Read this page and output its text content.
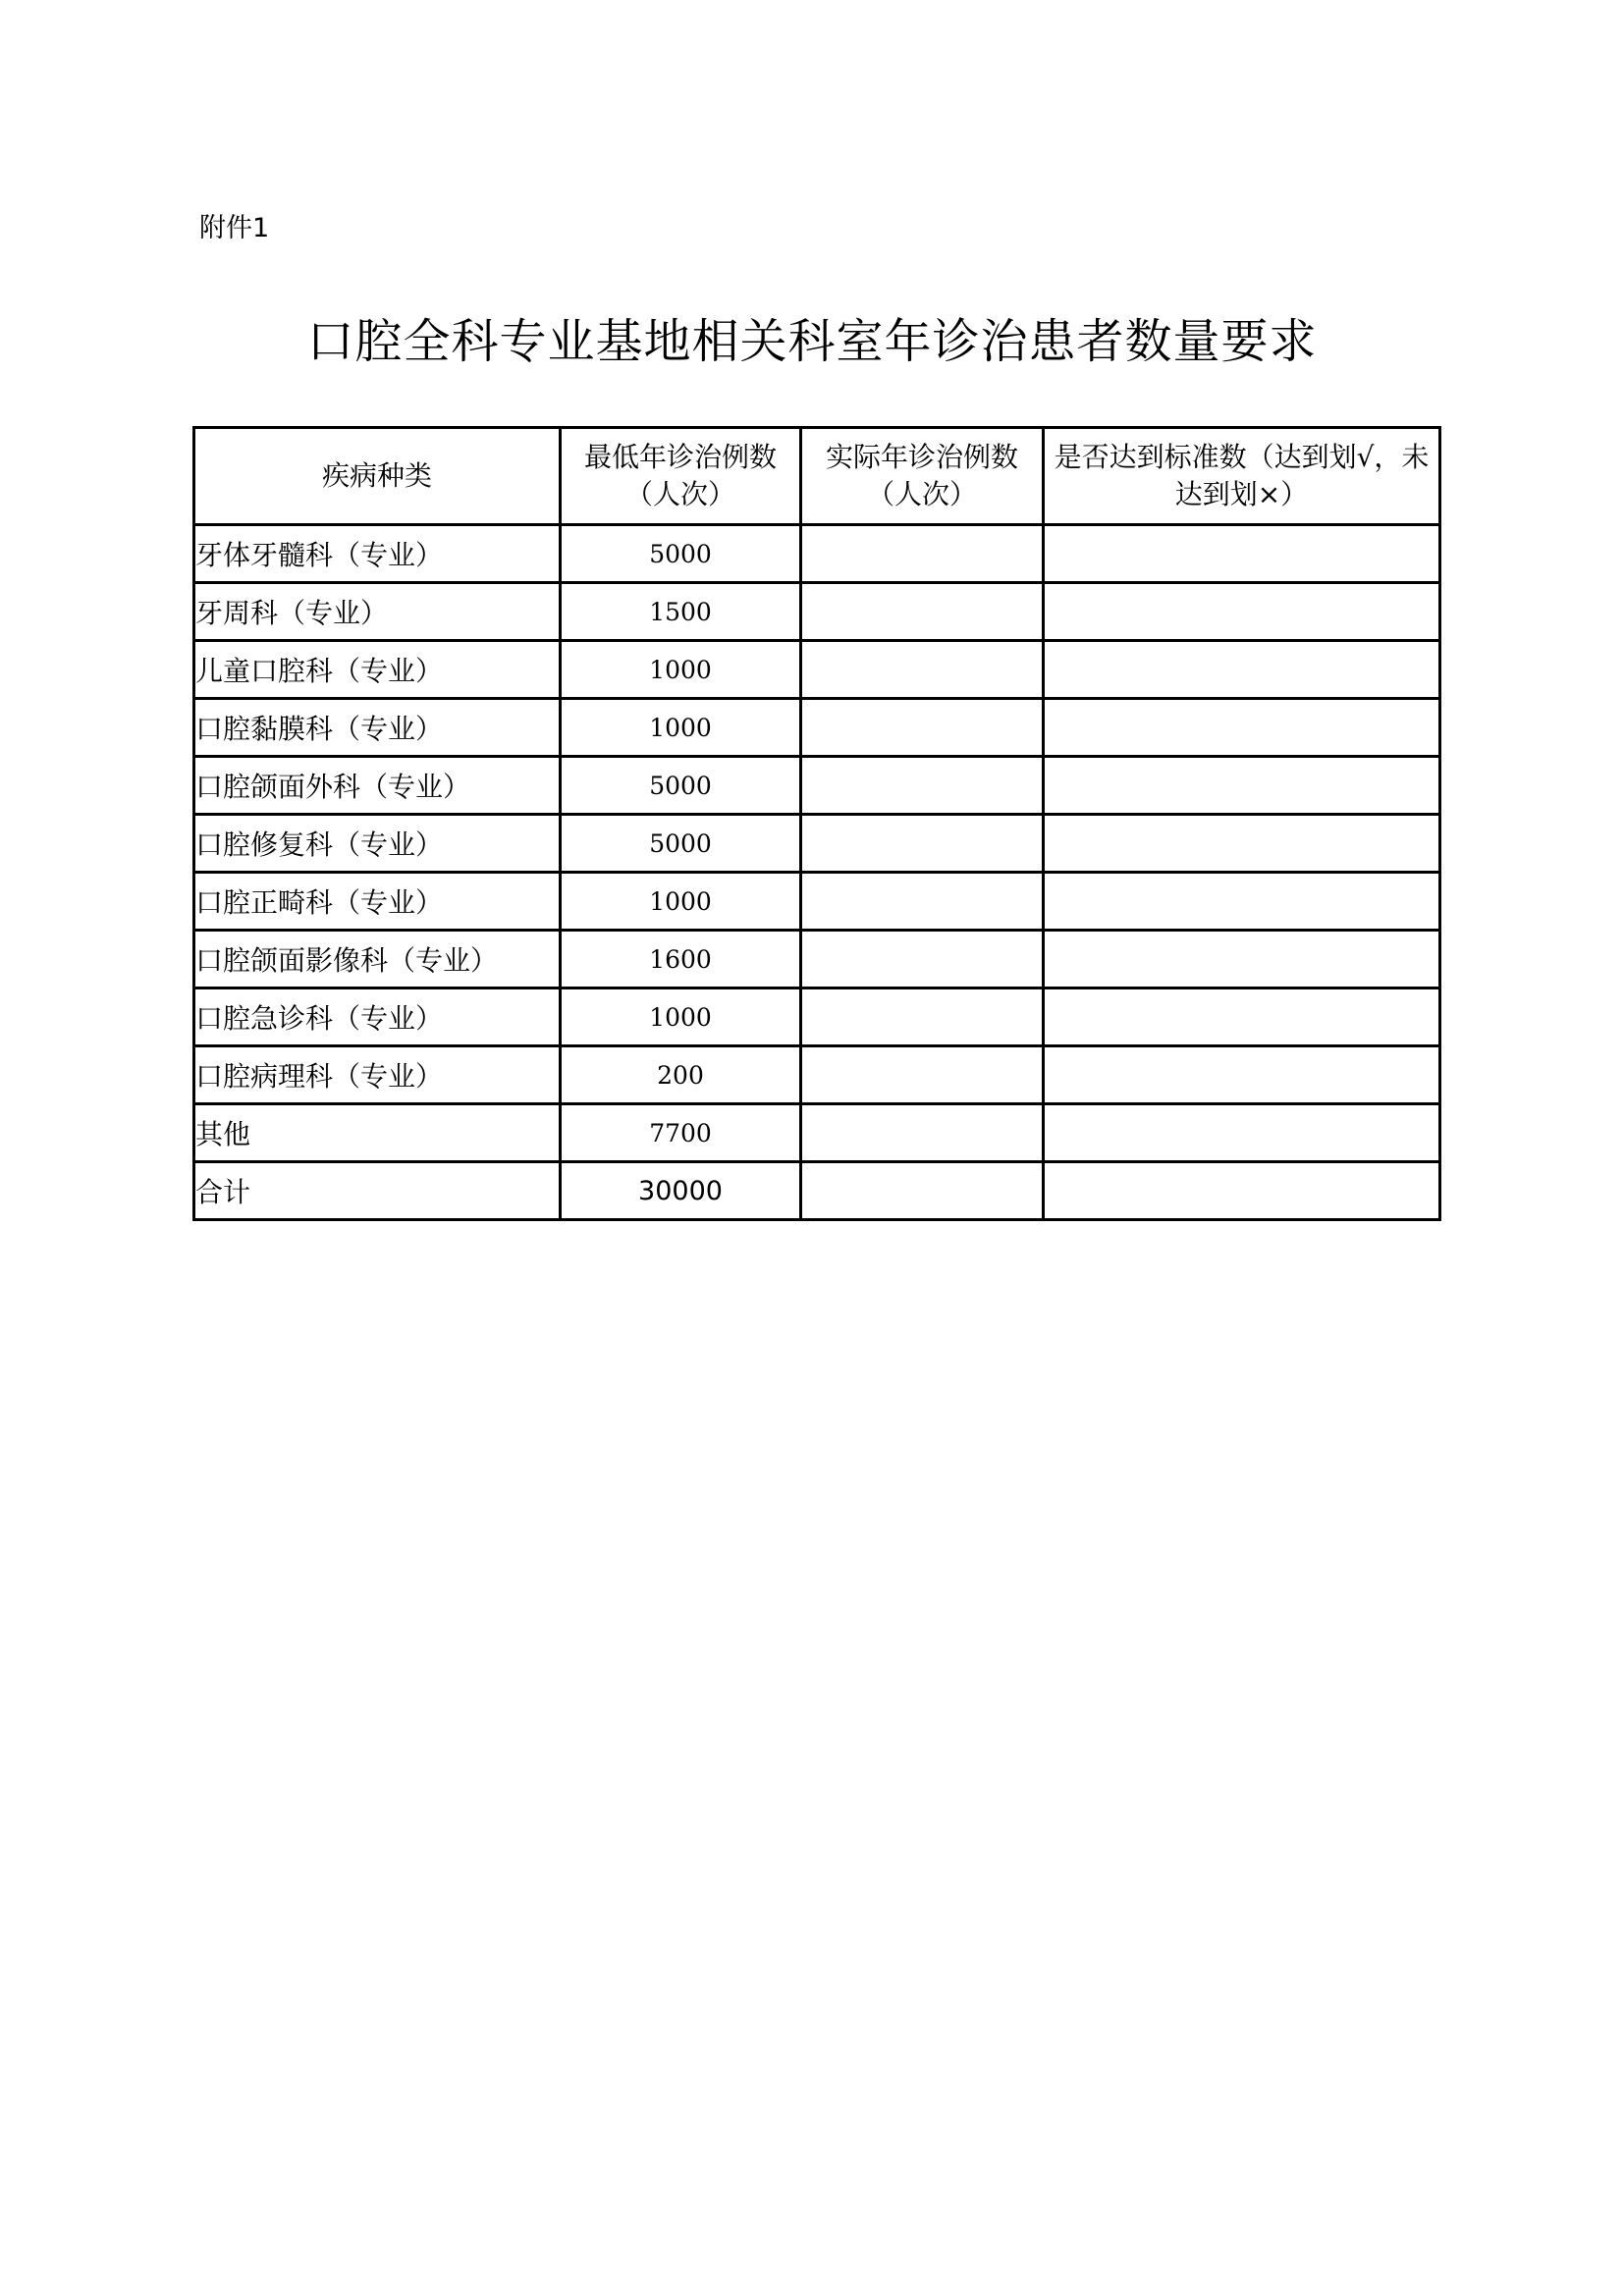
附件1
口腔全科专业基地相关科室年诊治患者数量要求
疾病种类	最低年诊治例数（人次）	实际年诊治例数（人次）	是否达到标准数（达到划√，未达到划×）
牙体牙髓科（专业）	5000		
牙周科（专业）	1500		
儿童口腔科（专业）	1000		
口腔黏膜科（专业）	1000		
口腔颌面外科（专业）	5000		
口腔修复科（专业）	5000		
口腔正畸科（专业）	1000		
口腔颌面影像科（专业）	1600		
口腔急诊科（专业）	1000		
口腔病理科（专业）	200		
其他	7700		
合计	30000		
